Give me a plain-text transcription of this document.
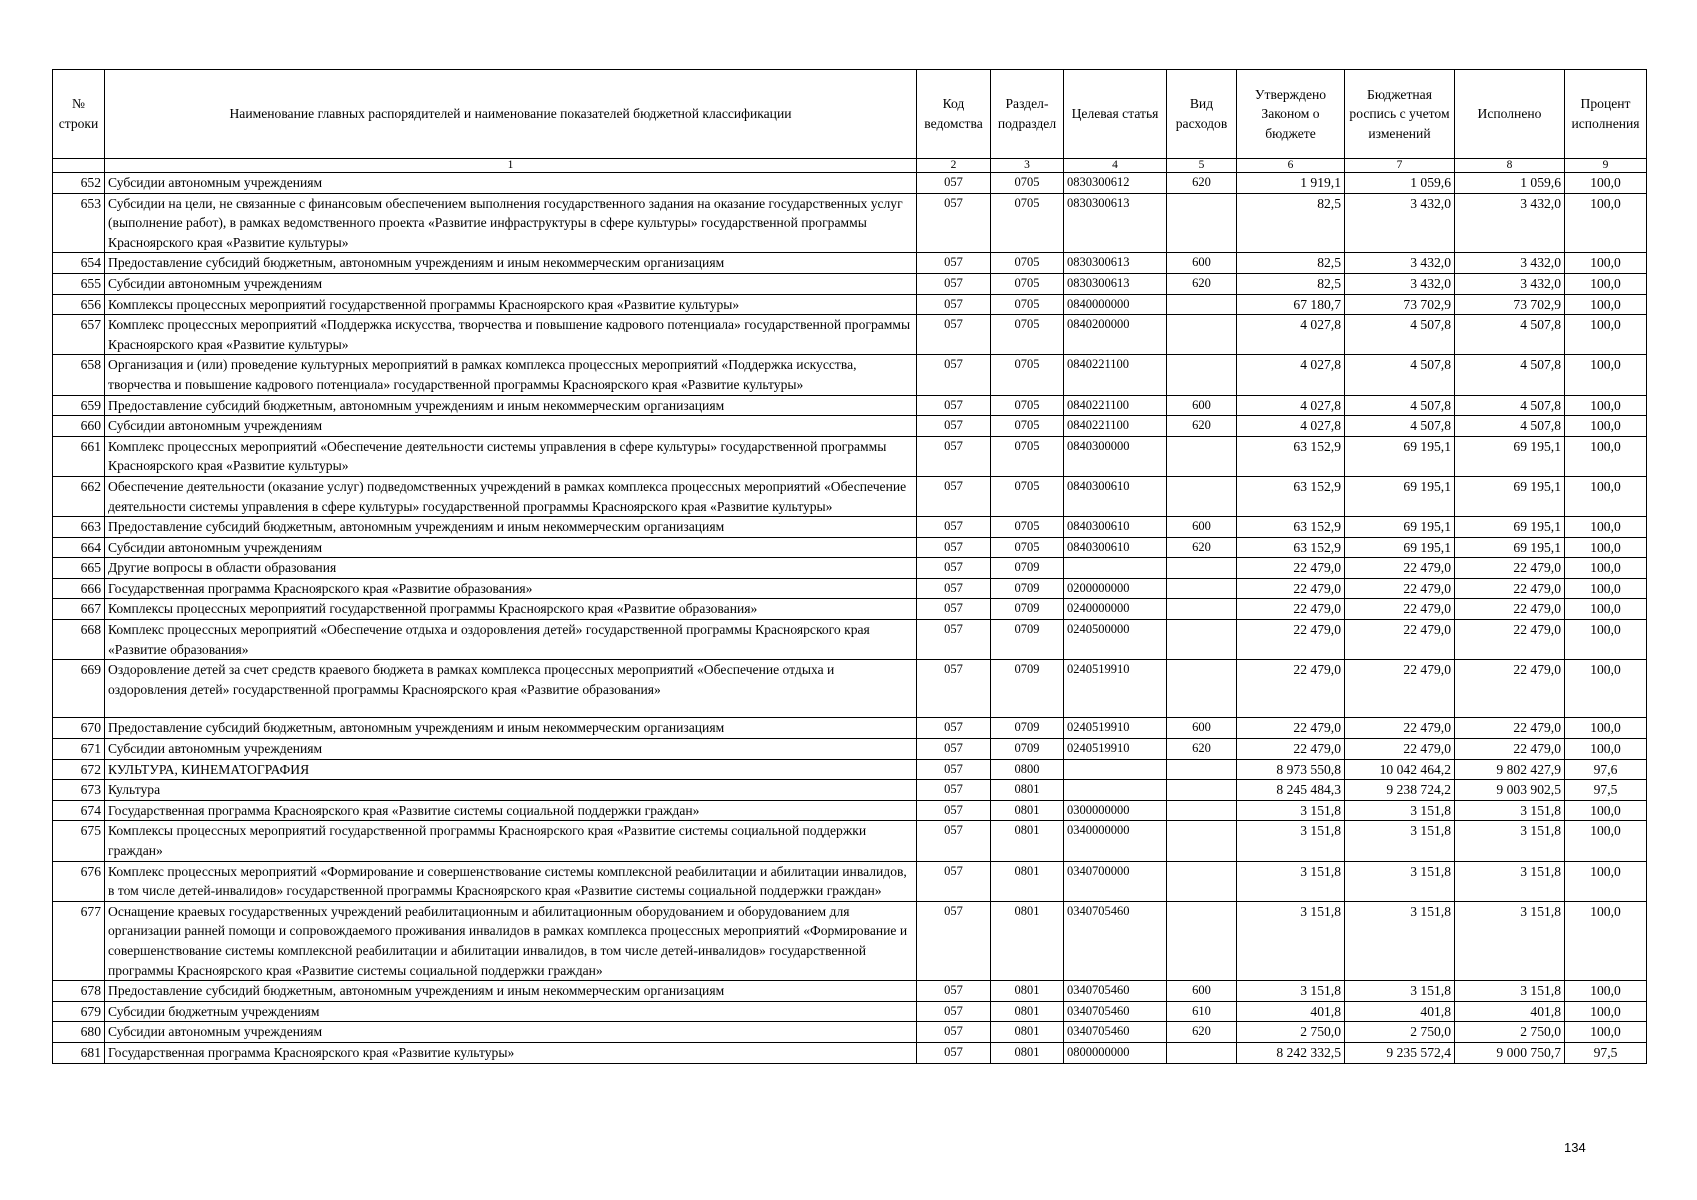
№ строки	Наименование главных распорядителей и наименование показателей бюджетной классификации	Код ведомства	Раздел-подраздел	Целевая статья	Вид расходов	Утверждено Законом о бюджете	Бюджетная роспись с учетом изменений	Исполнено	Процент исполнения
	1	2	3	4	5	6	7	8	9
652	Субсидии автономным учреждениям	057	0705	0830300612	620	1 919,1	1 059,6	1 059,6	100,0
653	Субсидии на цели, не связанные с финансовым обеспечением выполнения государственного задания на оказание государственных услуг (выполнение работ), в рамках ведомственного проекта «Развитие инфраструктуры в сфере культуры» государственной программы Красноярского края «Развитие культуры»	057	0705	0830300613		82,5	3 432,0	3 432,0	100,0
654	Предоставление субсидий бюджетным, автономным учреждениям и иным некоммерческим организациям	057	0705	0830300613	600	82,5	3 432,0	3 432,0	100,0
655	Субсидии автономным учреждениям	057	0705	0830300613	620	82,5	3 432,0	3 432,0	100,0
656	Комплексы процессных мероприятий государственной программы Красноярского края «Развитие культуры»	057	0705	0840000000		67 180,7	73 702,9	73 702,9	100,0
657	Комплекс процессных мероприятий «Поддержка искусства, творчества и повышение кадрового потенциала» государственной программы Красноярского края «Развитие культуры»	057	0705	0840200000		4 027,8	4 507,8	4 507,8	100,0
658	Организация и (или) проведение культурных мероприятий в рамках комплекса процессных мероприятий «Поддержка искусства, творчества и повышение кадрового потенциала» государственной программы Красноярского края «Развитие культуры»	057	0705	0840221100		4 027,8	4 507,8	4 507,8	100,0
659	Предоставление субсидий бюджетным, автономным учреждениям и иным некоммерческим организациям	057	0705	0840221100	600	4 027,8	4 507,8	4 507,8	100,0
660	Субсидии автономным учреждениям	057	0705	0840221100	620	4 027,8	4 507,8	4 507,8	100,0
661	Комплекс процессных мероприятий «Обеспечение деятельности системы управления в сфере культуры» государственной программы Красноярского края «Развитие культуры»	057	0705	0840300000		63 152,9	69 195,1	69 195,1	100,0
662	Обеспечение деятельности (оказание услуг) подведомственных учреждений в рамках комплекса процессных мероприятий «Обеспечение деятельности системы управления в сфере культуры» государственной программы Красноярского края «Развитие культуры»	057	0705	0840300610		63 152,9	69 195,1	69 195,1	100,0
663	Предоставление субсидий бюджетным, автономным учреждениям и иным некоммерческим организациям	057	0705	0840300610	600	63 152,9	69 195,1	69 195,1	100,0
664	Субсидии автономным учреждениям	057	0705	0840300610	620	63 152,9	69 195,1	69 195,1	100,0
665	Другие вопросы в области образования	057	0709			22 479,0	22 479,0	22 479,0	100,0
666	Государственная программа Красноярского края «Развитие образования»	057	0709	0200000000		22 479,0	22 479,0	22 479,0	100,0
667	Комплексы процессных мероприятий государственной программы Красноярского края «Развитие образования»	057	0709	0240000000		22 479,0	22 479,0	22 479,0	100,0
668	Комплекс процессных мероприятий «Обеспечение отдыха и оздоровления детей» государственной программы Красноярского края «Развитие образования»	057	0709	0240500000		22 479,0	22 479,0	22 479,0	100,0
669	Оздоровление детей за счет средств краевого бюджета в рамках комплекса процессных мероприятий «Обеспечение отдыха и оздоровления детей» государственной программы Красноярского края «Развитие образования»	057	0709	0240519910		22 479,0	22 479,0	22 479,0	100,0
670	Предоставление субсидий бюджетным, автономным учреждениям и иным некоммерческим организациям	057	0709	0240519910	600	22 479,0	22 479,0	22 479,0	100,0
671	Субсидии автономным учреждениям	057	0709	0240519910	620	22 479,0	22 479,0	22 479,0	100,0
672	КУЛЬТУРА, КИНЕМАТОГРАФИЯ	057	0800			8 973 550,8	10 042 464,2	9 802 427,9	97,6
673	Культура	057	0801			8 245 484,3	9 238 724,2	9 003 902,5	97,5
674	Государственная программа Красноярского края «Развитие системы социальной поддержки граждан»	057	0801	0300000000		3 151,8	3 151,8	3 151,8	100,0
675	Комплексы процессных мероприятий государственной программы Красноярского края «Развитие системы социальной поддержки граждан»	057	0801	0340000000		3 151,8	3 151,8	3 151,8	100,0
676	Комплекс процессных мероприятий «Формирование и совершенствование системы комплексной реабилитации и абилитации инвалидов, в том числе детей-инвалидов» государственной программы Красноярского края «Развитие системы социальной поддержки граждан»	057	0801	0340700000		3 151,8	3 151,8	3 151,8	100,0
677	Оснащение краевых государственных учреждений реабилитационным и абилитационным оборудованием и оборудованием для организации ранней помощи и сопровождаемого проживания инвалидов в рамках комплекса процессных мероприятий «Формирование и совершенствование системы комплексной реабилитации и абилитации инвалидов, в том числе детей-инвалидов» государственной программы Красноярского края «Развитие системы социальной поддержки граждан»	057	0801	0340705460		3 151,8	3 151,8	3 151,8	100,0
678	Предоставление субсидий бюджетным, автономным учреждениям и иным некоммерческим организациям	057	0801	0340705460	600	3 151,8	3 151,8	3 151,8	100,0
679	Субсидии бюджетным учреждениям	057	0801	0340705460	610	401,8	401,8	401,8	100,0
680	Субсидии автономным учреждениям	057	0801	0340705460	620	2 750,0	2 750,0	2 750,0	100,0
681	Государственная программа Красноярского края «Развитие культуры»	057	0801	0800000000		8 242 332,5	9 235 572,4	9 000 750,7	97,5
134
